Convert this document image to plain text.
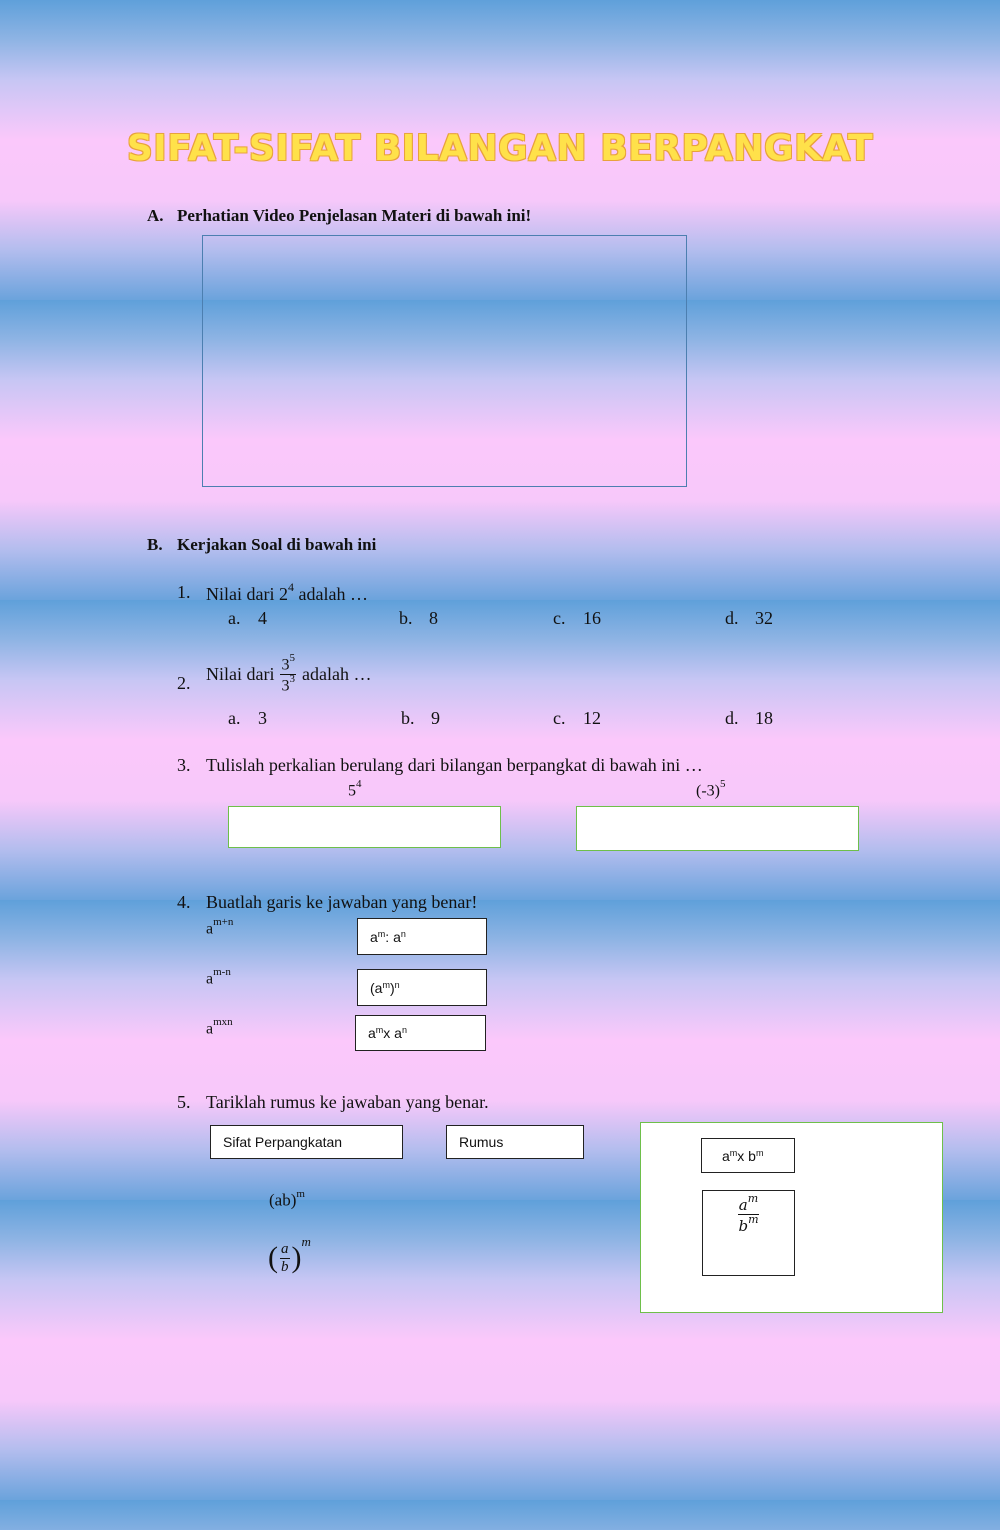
SIFAT-SIFAT BILANGAN BERPANGKAT
A. Perhatian Video Penjelasan Materi di bawah ini!
B. Kerjakan Soal di bawah ini
1. Nilai dari $2^4$ adalah …
a. 4	b. 8	c. 16	d. 32
2. Nilai dari $\frac{3^5}{3^3}$ adalah …
a. 3	b. 9	c. 12	d. 18
3. Tulislah perkalian berulang dari bilangan berpangkat di bawah ini …
$5^4$	$(-3)^5$
4. Buatlah garis ke jawaban yang benar!
$a^{m+n}$
$a^{m-n}$
$a^{mxn}$
$a^m$ : $a^n$
($a^m$ )$^n$
$a^m$ x $a^n$
5. Tariklah rumus ke jawaban yang benar.
Sifat Perpangkatan	Rumus
(ab)$^m$
( $\frac{a}{b}$ ) m
$a^m$ x $b^m$
$\frac{a^m}{b^m}$
